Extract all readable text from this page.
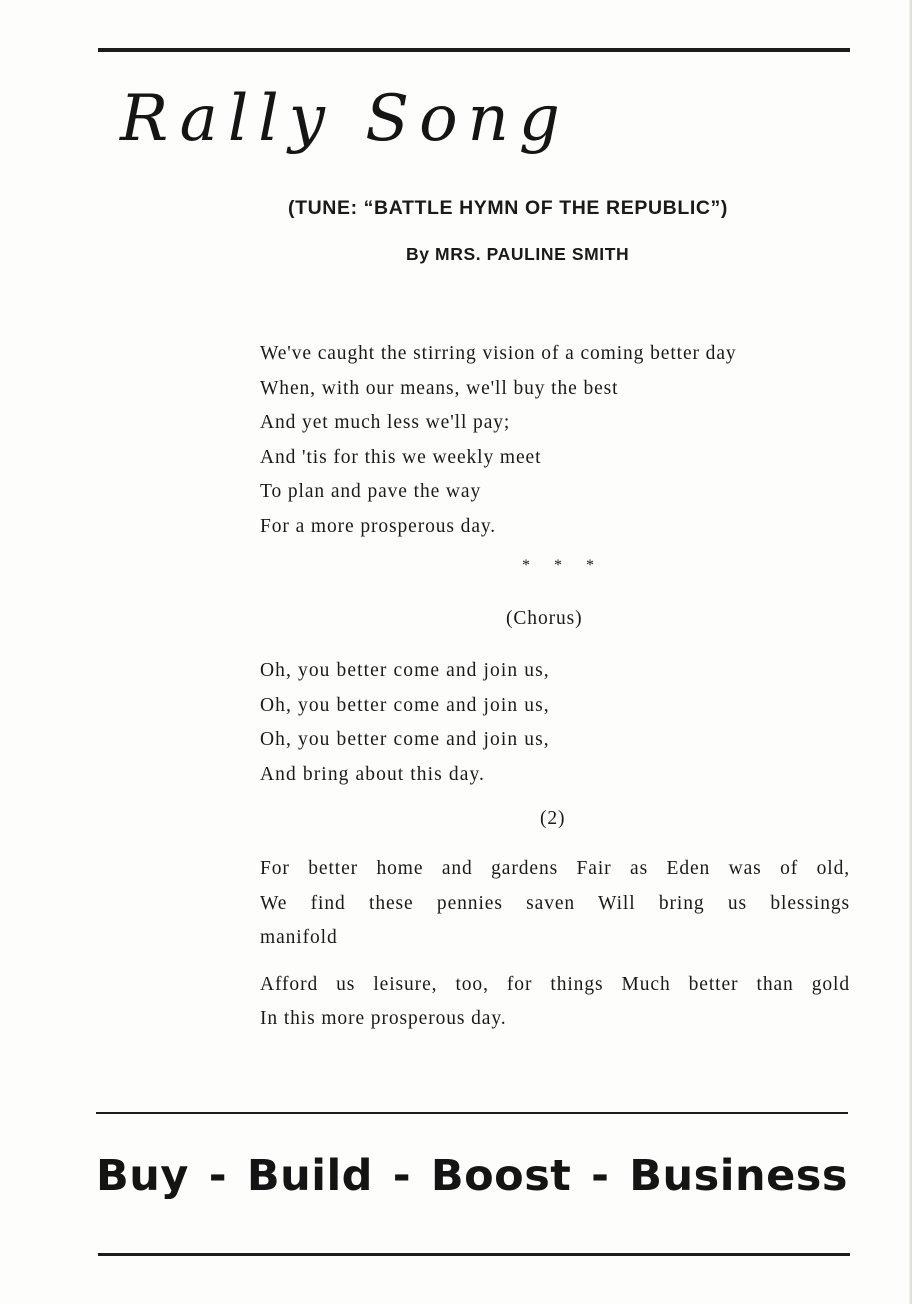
Rally Song
(TUNE: “BATTLE HYMN OF THE REPUBLIC”)
By MRS. PAULINE SMITH
We've caught the stirring vision of a coming better day
When, with our means, we'll buy the best
And yet much less we'll pay;
And 'tis for this we weekly meet
To plan and pave the way
For a more prosperous day.
* * *
(Chorus)
Oh, you better come and join us,
Oh, you better come and join us,
Oh, you better come and join us,
And bring about this day.
(2)
For better home and gardens Fair as Eden was of old,
We find these pennies saven Will bring us blessings
manifold
Afford us leisure, too, for things Much better than gold
In this more prosperous day.
Buy - Build - Boost - Business
